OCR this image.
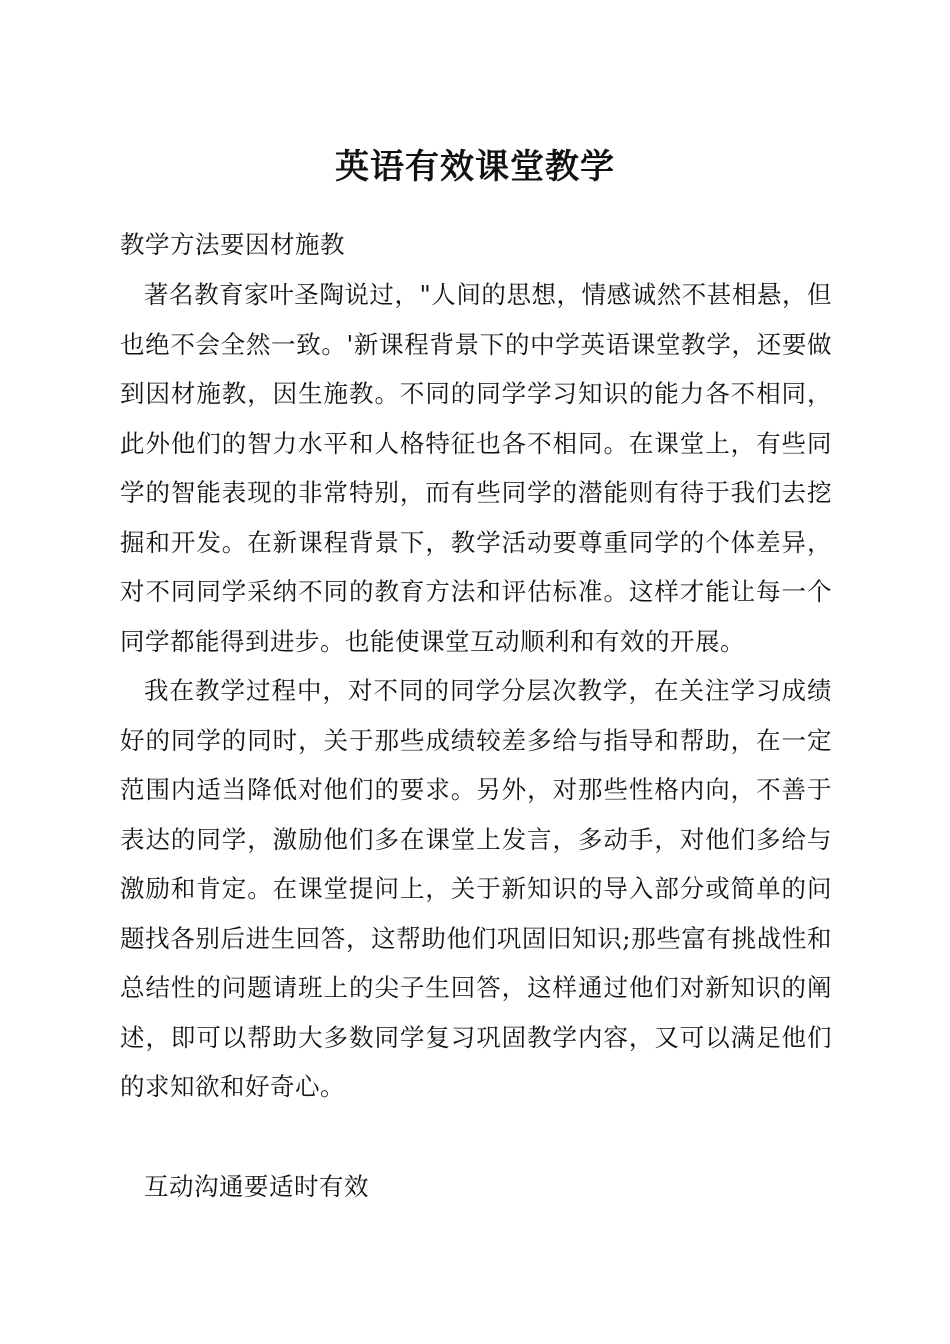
英语有效课堂教学
教学方法要因材施教
著名教育家叶圣陶说过，"人间的思想，情感诚然不甚相悬，但也绝不会全然一致。'新课程背景下的中学英语课堂教学，还要做到因材施教，因生施教。不同的同学学习知识的能力各不相同，此外他们的智力水平和人格特征也各不相同。在课堂上，有些同学的智能表现的非常特别，而有些同学的潜能则有待于我们去挖掘和开发。在新课程背景下，教学活动要尊重同学的个体差异，对不同同学采纳不同的教育方法和评估标准。这样才能让每一个同学都能得到进步。也能使课堂互动顺利和有效的开展。
我在教学过程中，对不同的同学分层次教学，在关注学习成绩好的同学的同时，关于那些成绩较差多给与指导和帮助，在一定范围内适当降低对他们的要求。另外，对那些性格内向，不善于表达的同学，激励他们多在课堂上发言，多动手，对他们多给与激励和肯定。在课堂提问上，关于新知识的导入部分或简单的问题找各别后进生回答，这帮助他们巩固旧知识;那些富有挑战性和总结性的问题请班上的尖子生回答，这样通过他们对新知识的阐述，即可以帮助大多数同学复习巩固教学内容，又可以满足他们的求知欲和好奇心。
互动沟通要适时有效
